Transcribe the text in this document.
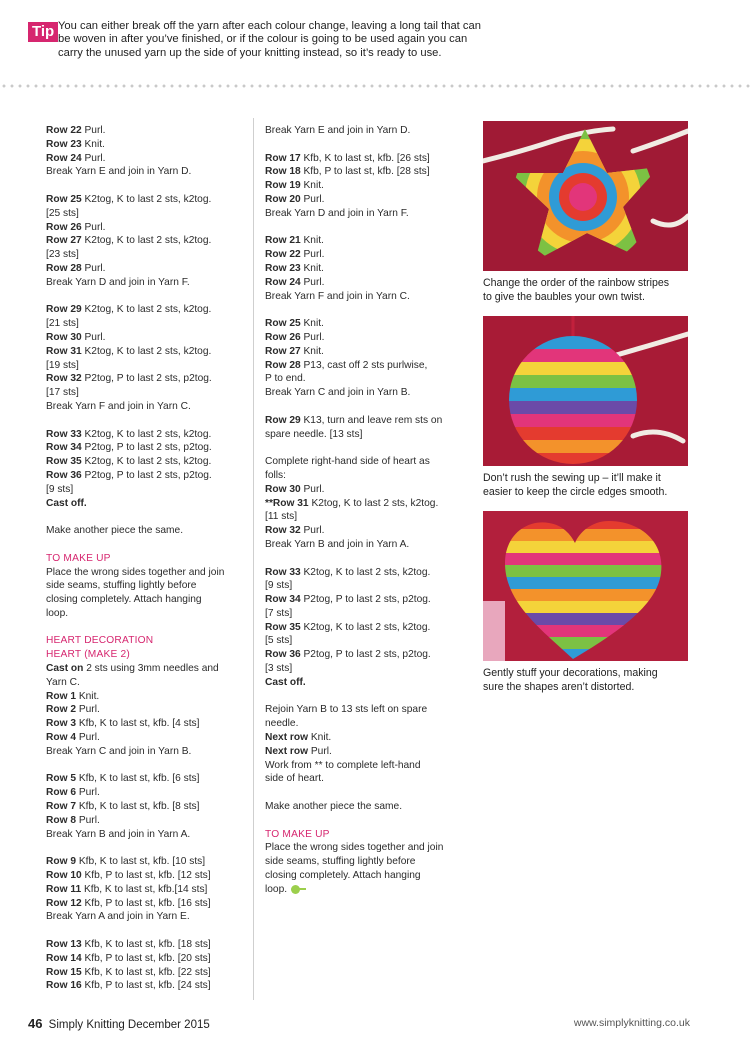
Tip You can either break off the yarn after each colour change, leaving a long tail that can
be woven in after you’ve finished, or if the colour is going to be used again you can
carry the unused yarn up the side of your knitting instead, so it’s ready to use.
Row 22 Purl.
Row 23 Knit.
Row 24 Purl.
Break Yarn E and join in Yarn D.
Row 25 K2tog, K to last 2 sts, k2tog.
[25 sts]
Row 26 Purl.
Row 27 K2tog, K to last 2 sts, k2tog.
[23 sts]
Row 28 Purl.
Break Yarn D and join in Yarn F.
Row 29 K2tog, K to last 2 sts, k2tog.
[21 sts]
Row 30 Purl.
Row 31 K2tog, K to last 2 sts, k2tog.
[19 sts]
Row 32 P2tog, P to last 2 sts, p2tog.
[17 sts]
Break Yarn F and join in Yarn C.
Row 33 K2tog, K to last 2 sts, k2tog.
Row 34 P2tog, P to last 2 sts, p2tog.
Row 35 K2tog, K to last 2 sts, k2tog.
Row 36 P2tog, P to last 2 sts, p2tog.
[9 sts]
Cast off.
Make another piece the same.
TO MAKE UP
Place the wrong sides together and join
side seams, stuffing lightly before
closing completely. Attach hanging
loop.
HEART DECORATION
HEART (MAKE 2)
Cast on 2 sts using 3mm needles and
Yarn C.
Row 1 Knit.
Row 2 Purl.
Row 3 Kfb, K to last st, kfb. [4 sts]
Row 4 Purl.
Break Yarn C and join in Yarn B.
Row 5 Kfb, K to last st, kfb. [6 sts]
Row 6 Purl.
Row 7 Kfb, K to last st, kfb. [8 sts]
Row 8 Purl.
Break Yarn B and join in Yarn A.
Row 9 Kfb, K to last st, kfb. [10 sts]
Row 10 Kfb, P to last st, kfb. [12 sts]
Row 11 Kfb, K to last st, kfb.[14 sts]
Row 12 Kfb, P to last st, kfb. [16 sts]
Break Yarn A and join in Yarn E.
Row 13 Kfb, K to last st, kfb. [18 sts]
Row 14 Kfb, P to last st, kfb. [20 sts]
Row 15 Kfb, K to last st, kfb. [22 sts]
Row 16 Kfb, P to last st, kfb. [24 sts]
Break Yarn E and join in Yarn D.
Row 17 Kfb, K to last st, kfb. [26 sts]
Row 18 Kfb, P to last st, kfb. [28 sts]
Row 19 Knit.
Row 20 Purl.
Break Yarn D and join in Yarn F.
Row 21 Knit.
Row 22 Purl.
Row 23 Knit.
Row 24 Purl.
Break Yarn F and join in Yarn C.
Row 25 Knit.
Row 26 Purl.
Row 27 Knit.
Row 28 P13, cast off 2 sts purlwise,
P to end.
Break Yarn C and join in Yarn B.
Row 29 K13, turn and leave rem sts on
spare needle. [13 sts]
Complete right-hand side of heart as
folls:
Row 30 Purl.
**Row 31 K2tog, K to last 2 sts, k2tog.
[11 sts]
Row 32 Purl.
Break Yarn B and join in Yarn A.
Row 33 K2tog, K to last 2 sts, k2tog.
[9 sts]
Row 34 P2tog, P to last 2 sts, p2tog.
[7 sts]
Row 35 K2tog, K to last 2 sts, k2tog.
[5 sts]
Row 36 P2tog, P to last 2 sts, p2tog.
[3 sts]
Cast off.
Rejoin Yarn B to 13 sts left on spare
needle.
Next row Knit.
Next row Purl.
Work from ** to complete left-hand
side of heart.
Make another piece the same.
TO MAKE UP
Place the wrong sides together and join
side seams, stuffing lightly before
closing completely. Attach hanging
loop.
Change the order of the rainbow stripes
to give the baubles your own twist.
Don’t rush the sewing up – it’ll make it
easier to keep the circle edges smooth.
Gently stuff your decorations, making
sure the shapes aren’t distorted.
46 Simply Knitting December 2015	www.simplyknitting.co.uk
